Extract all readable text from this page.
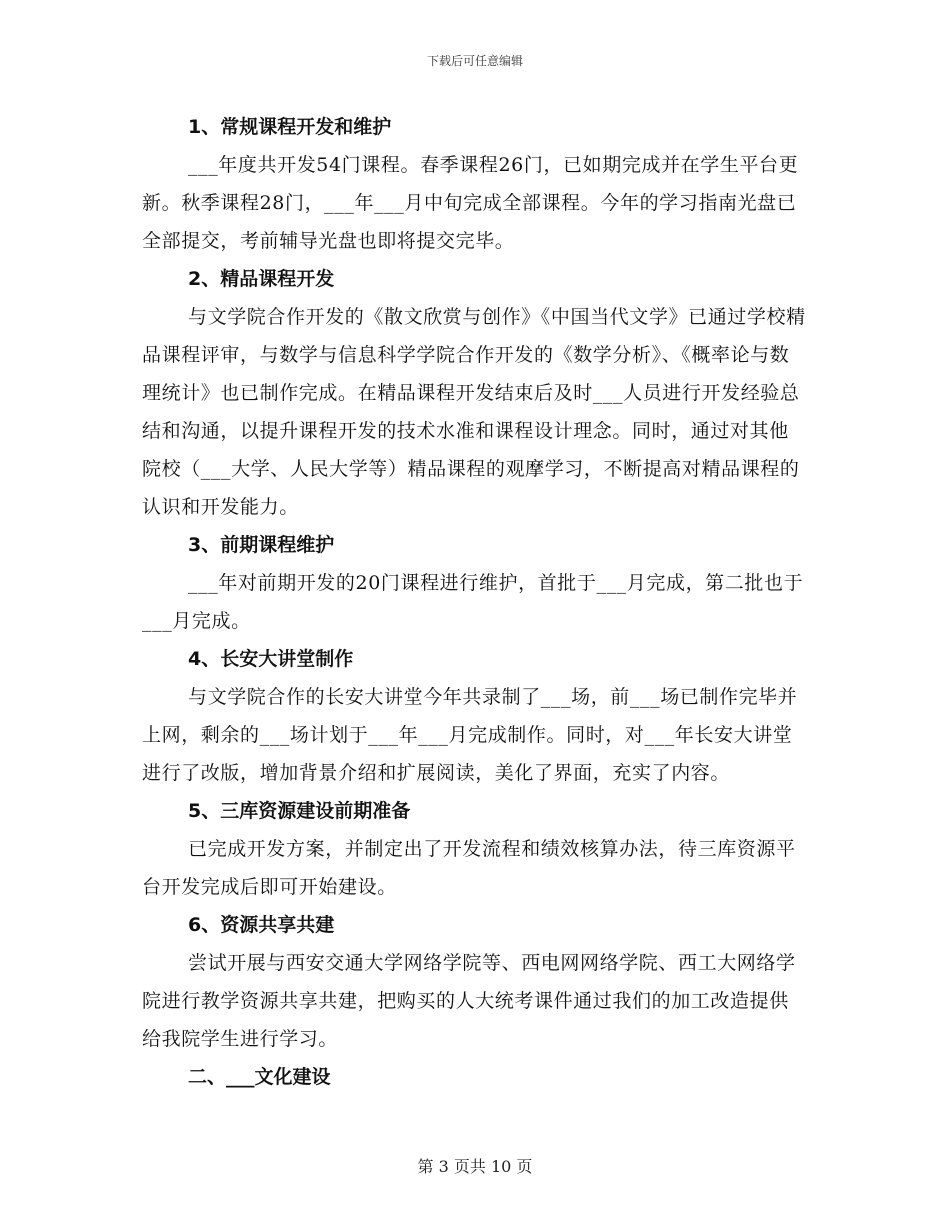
下载后可任意编辑
1、常规课程开发和维护

___年度共开发54门课程。春季课程26门，已如期完成并在学生平台更新。秋季课程28门，___年___月中旬完成全部课程。今年的学习指南光盘已全部提交，考前辅导光盘也即将提交完毕。

2、精品课程开发

与文学院合作开发的《散文欣赏与创作》《中国当代文学》已通过学校精品课程评审，与数学与信息科学学院合作开发的《数学分析》、《概率论与数理统计》也已制作完成。在精品课程开发结束后及时___人员进行开发经验总结和沟通，以提升课程开发的技术水准和课程设计理念。同时，通过对其他院校（___大学、人民大学等）精品课程的观摩学习，不断提高对精品课程的认识和开发能力。

3、前期课程维护

___年对前期开发的20门课程进行维护，首批于___月完成，第二批也于___月完成。

4、长安大讲堂制作

与文学院合作的长安大讲堂今年共录制了___场，前___场已制作完毕并上网，剩余的___场计划于___年___月完成制作。同时，对___年长安大讲堂进行了改版，增加背景介绍和扩展阅读，美化了界面，充实了内容。

5、三库资源建设前期准备

已完成开发方案，并制定出了开发流程和绩效核算办法，待三库资源平台开发完成后即可开始建设。

6、资源共享共建

尝试开展与西安交通大学网络学院等、西电网网络学院、西工大网络学院进行教学资源共享共建，把购买的人大统考课件通过我们的加工改造提供给我院学生进行学习。

二、___文化建设
第 3 页共 10 页
